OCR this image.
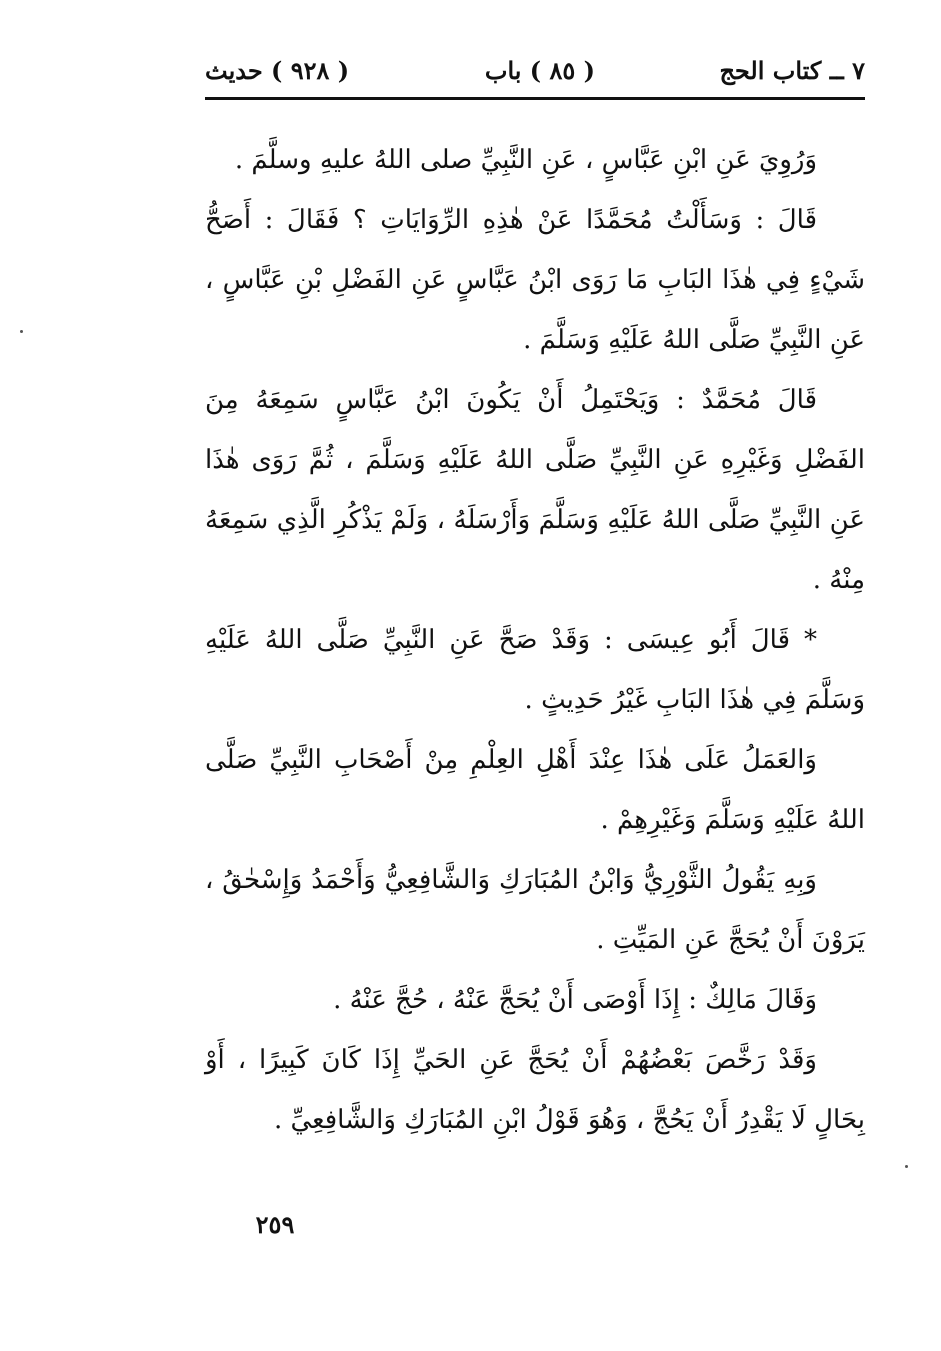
٧ ــ كتاب الحج
( ٨٥ ) باب
( ٩٢٨ ) حديث

وَرُوِيَ عَنِ ابْنِ عَبَّاسٍ ، عَنِ النَّبِيِّ صلى اللهُ عليهِ وسلَّمَ .

قَالَ : وَسَأَلْتُ مُحَمَّدًا عَنْ هٰذِهِ الرِّوَايَاتِ ؟ فَقَالَ : أَصَحُّ شَيْءٍ فِي هٰذَا البَابِ مَا رَوَى ابْنُ عَبَّاسٍ عَنِ الفَضْلِ بْنِ عَبَّاسٍ ، عَنِ النَّبِيِّ صَلَّى اللهُ عَلَيْهِ وَسَلَّمَ .

قَالَ مُحَمَّدٌ : وَيَحْتَمِلُ أَنْ يَكُونَ ابْنُ عَبَّاسٍ سَمِعَهُ مِنَ الفَضْلِ وَغَيْرِهِ عَنِ النَّبِيِّ صَلَّى اللهُ عَلَيْهِ وَسَلَّمَ ، ثُمَّ رَوَى هٰذَا عَنِ النَّبِيِّ صَلَّى اللهُ عَلَيْهِ وَسَلَّمَ وَأَرْسَلَهُ ، وَلَمْ يَذْكُرِ الَّذِي سَمِعَهُ مِنْهُ .

* قَالَ أَبُو عِيسَى : وَقَدْ صَحَّ عَنِ النَّبِيِّ صَلَّى اللهُ عَلَيْهِ وَسَلَّمَ فِي هٰذَا البَابِ غَيْرُ حَدِيثٍ .

وَالعَمَلُ عَلَى هٰذَا عِنْدَ أَهْلِ العِلْمِ مِنْ أَصْحَابِ النَّبِيِّ صَلَّى اللهُ عَلَيْهِ وَسَلَّمَ وَغَيْرِهِمْ .

وَبِهِ يَقُولُ الثَّوْرِيُّ وَابْنُ المُبَارَكِ وَالشَّافِعِيُّ وَأَحْمَدُ وَإِسْحٰقُ ، يَرَوْنَ أَنْ يُحَجَّ عَنِ المَيِّتِ .

وَقَالَ مَالِكٌ : إِذَا أَوْصَى أَنْ يُحَجَّ عَنْهُ ، حُجَّ عَنْهُ .

وَقَدْ رَخَّصَ بَعْضُهُمْ أَنْ يُحَجَّ عَنِ الحَيِّ إِذَا كَانَ كَبِيرًا ، أَوْ بِحَالٍ لَا يَقْدِرُ أَنْ يَحُجَّ ، وَهُوَ قَوْلُ ابْنِ المُبَارَكِ وَالشَّافِعِيِّ .

٢٥٩
